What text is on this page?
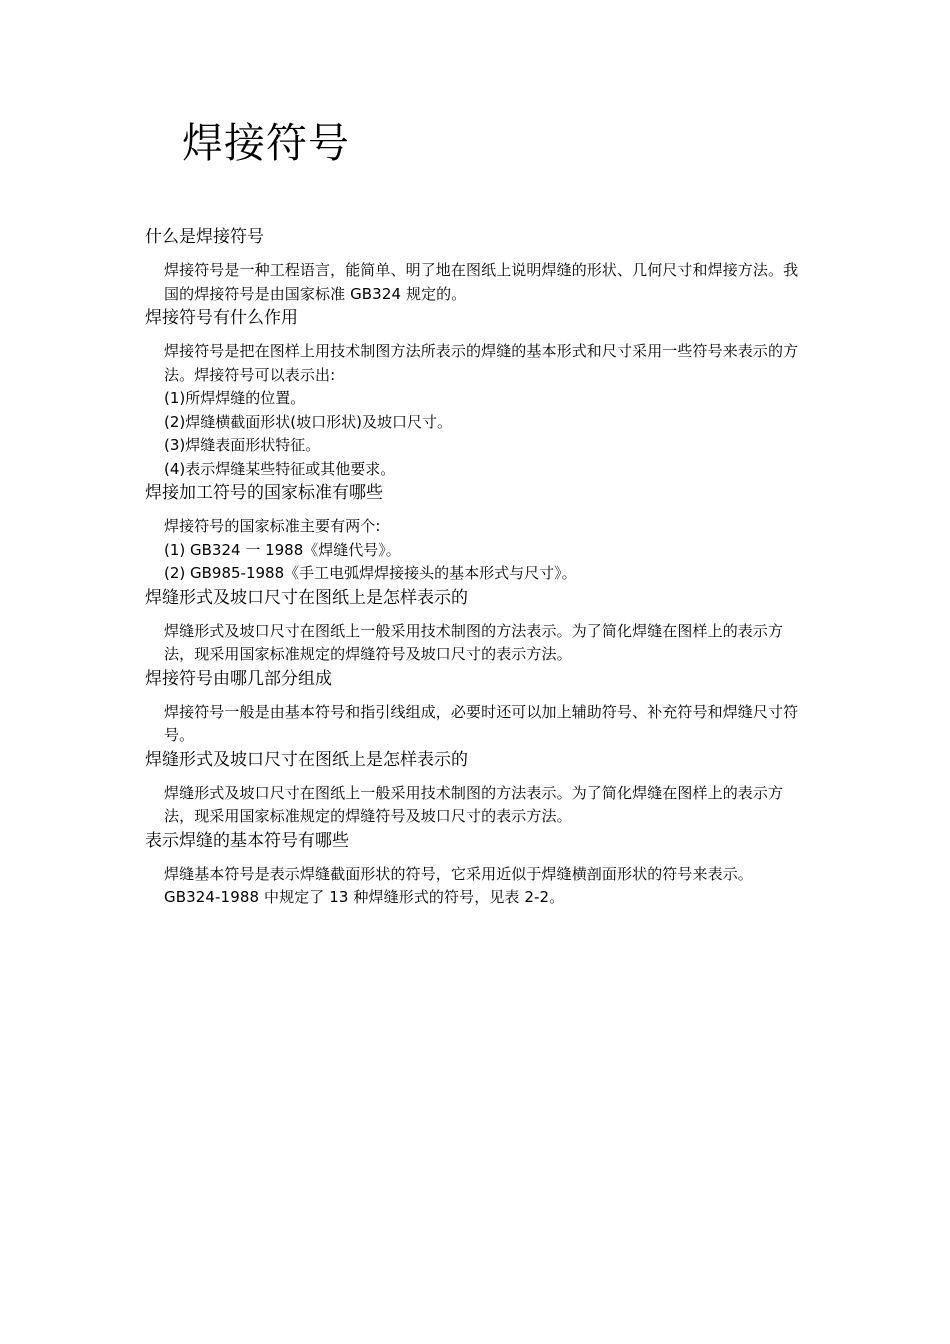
焊接符号
什么是焊接符号

焊接符号是一种工程语言，能简单、明了地在图纸上说明焊缝的形状、几何尺寸和焊接方法。我国的焊接符号是由国家标准 GB324 规定的。

焊接符号有什么作用

焊接符号是把在图样上用技术制图方法所表示的焊缝的基本形式和尺寸采用一些符号来表示的方法。焊接符号可以表示出:

(1)所焊焊缝的位置。

(2)焊缝横截面形状(坡口形状)及坡口尺寸。

(3)焊缝表面形状特征。

(4)表示焊缝某些特征或其他要求。

焊接加工符号的国家标准有哪些

焊接符号的国家标准主要有两个:

(1) GB324 一 1988《焊缝代号》。

(2) GB985-1988《手工电弧焊焊接接头的基本形式与尺寸》。

焊缝形式及坡口尺寸在图纸上是怎样表示的

焊缝形式及坡口尺寸在图纸上一般采用技术制图的方法表示。为了简化焊缝在图样上的表示方法，现采用国家标准规定的焊缝符号及坡口尺寸的表示方法。

焊接符号由哪几部分组成

焊接符号一般是由基本符号和指引线组成，必要时还可以加上辅助符号、补充符号和焊缝尺寸符号。

焊缝形式及坡口尺寸在图纸上是怎样表示的

焊缝形式及坡口尺寸在图纸上一般采用技术制图的方法表示。为了简化焊缝在图样上的表示方法，现采用国家标准规定的焊缝符号及坡口尺寸的表示方法。

表示焊缝的基本符号有哪些

焊缝基本符号是表示焊缝截面形状的符号，它采用近似于焊缝横剖面形状的符号来表示。GB324-1988 中规定了 13 种焊缝形式的符号，见表 2-2。
